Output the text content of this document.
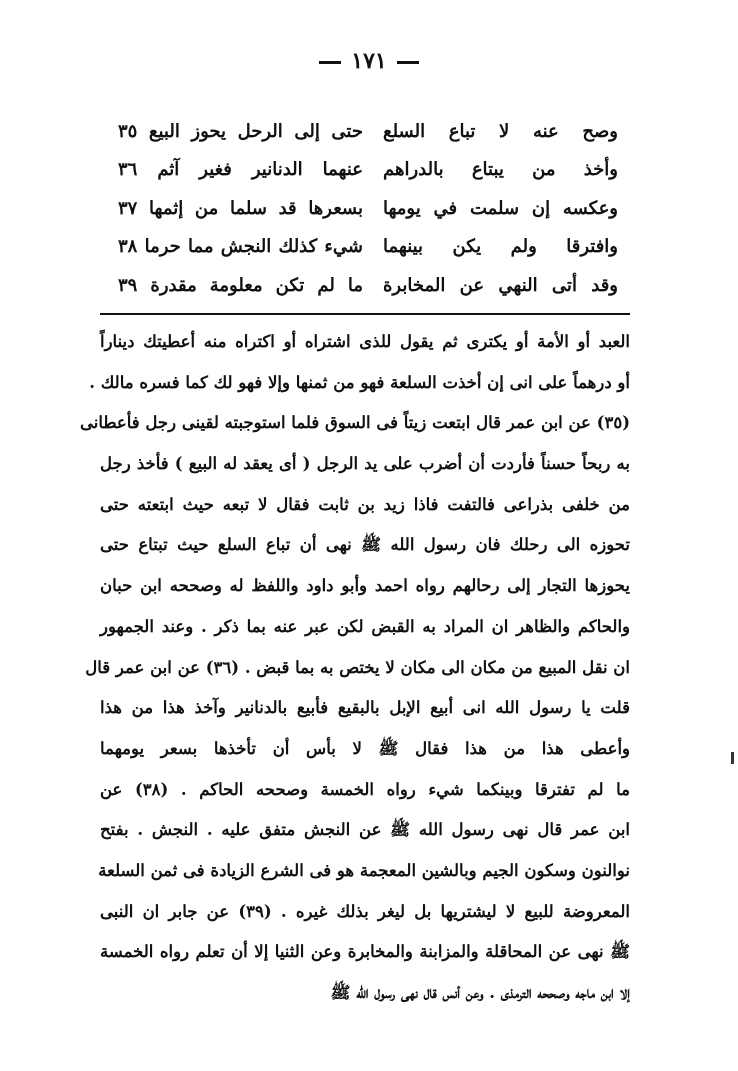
١٧١
وصح عنه لا تباع السلع
حتى إلى الرحل يحوز البيع ٣٥
وأخذ من يبتاع بالدراهم
عنهما الدنانير فغير آثم ٣٦
وعكسه إن سلمت في يومها
بسعرها قد سلما من إثمها ٣٧
وافترقا ولم يكن بينهما
شيء كذلك النجش مما حرما ٣٨
وقد أتى النهي عن المخابرة
ما لم تكن معلومة مقدرة ٣٩
العبد أو الأمة أو يكترى ثم يقول للذى اشتراه أو اكتراه منه أعطيتك ديناراً
أو درهماً على انى إن أخذت السلعة فهو من ثمنها وإلا فهو لك كما فسره مالك .
(٣٥) عن ابن عمر قال ابتعت زيتاً فى السوق فلما استوجبته لقينى رجل فأعطانى
به ربحاً حسناً فأردت أن أضرب على يد الرجل ( أى يعقد له البيع ) فأخذ رجل
من خلفى بذراعى فالتفت فاذا زيد بن ثابت فقال لا تبعه حيث ابتعته حتى
تحوزه الى رحلك فان رسول الله ﷺ نهى أن تباع السلع حيث تبتاع حتى
يحوزها التجار إلى رحالهم رواه احمد وأبو داود واللفظ له وصححه ابن حبان
والحاكم والظاهر ان المراد به القبض لكن عبر عنه بما ذكر . وعند الجمهور
ان نقل المبيع من مكان الى مكان لا يختص به بما قبض . (٣٦) عن ابن عمر قال
قلت يا رسول الله انى أبيع الإبل بالبقيع فأبيع بالدنانير وآخذ هذا من هذا
وأعطى هذا من هذا فقال ﷺ لا بأس أن تأخذها بسعر يومهما
ما لم تفترقا وبينكما شيء رواه الخمسة وصححه الحاكم . (٣٨) عن
ابن عمر قال نهى رسول الله ﷺ عن النجش متفق عليه . النجش . بفتح
نوالنون وسكون الجيم وبالشين المعجمة هو فى الشرع الزيادة فى ثمن السلعة
المعروضة للبيع لا ليشتريها بل ليغر بذلك غيره . (٣٩) عن جابر ان النبى
ﷺ نهى عن المحاقلة والمزابنة والمخابرة وعن الثنيا إلا أن تعلم رواه الخمسة
إلا ابن ماجه وصححه الترمذى . وعن أنس قال نهى رسول الله ﷺ
